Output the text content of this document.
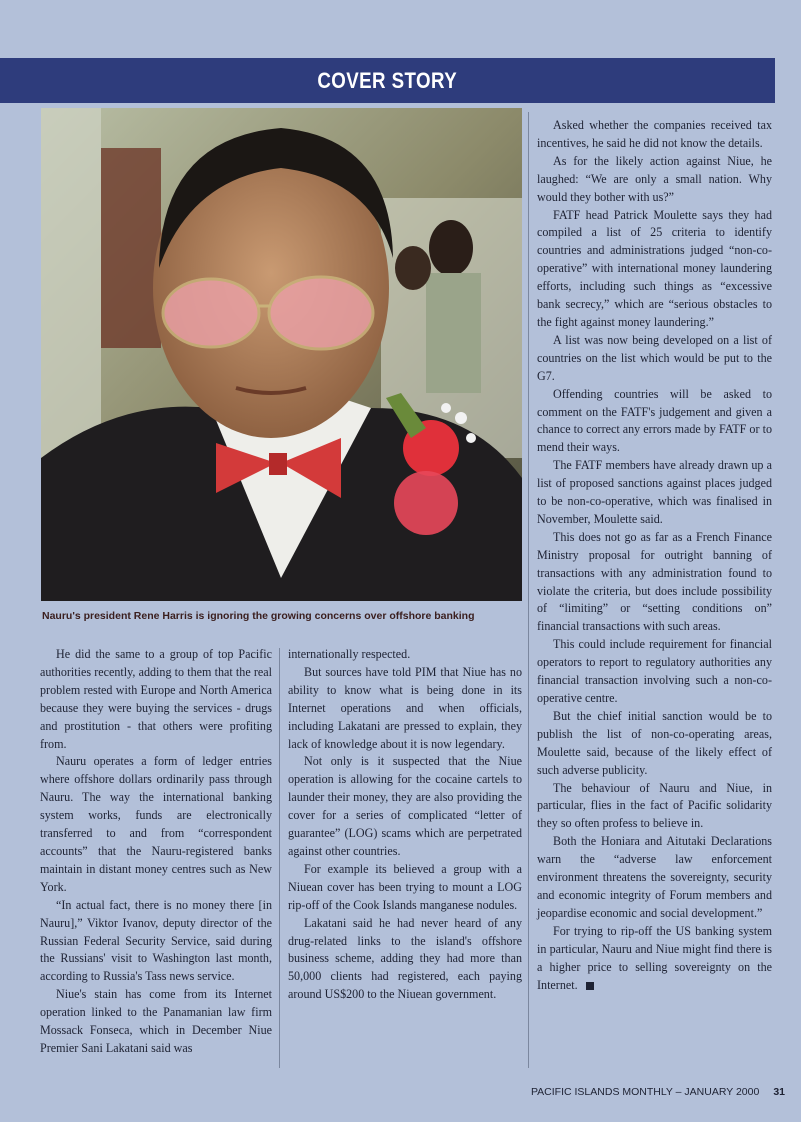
COVER STORY
Nauru's president Rene Harris is ignoring the growing concerns over offshore banking

He did the same to a group of top Pacific authorities recently, adding to them that the real problem rested with Europe and North America because they were buying the services - drugs and prostitution - that others were profiting from.

Nauru operates a form of ledger entries where offshore dollars ordinarily pass through Nauru. The way the international banking system works, funds are electronically transferred to and from “correspondent accounts” that the Nauru-registered banks maintain in distant money centres such as New York.

“In actual fact, there is no money there [in Nauru],” Viktor Ivanov, deputy director of the Russian Federal Security Service, said during the Russians' visit to Washington last month, according to Russia's Tass news service.

Niue's stain has come from its Internet operation linked to the Panamanian law firm Mossack Fonseca, which in December Niue Premier Sani Lakatani said was

internationally respected.

But sources have told PIM that Niue has no ability to know what is being done in its Internet operations and when officials, including Lakatani are pressed to explain, they lack of knowledge about it is now legendary.

Not only is it suspected that the Niue operation is allowing for the cocaine cartels to launder their money, they are also providing the cover for a series of complicated “letter of guarantee” (LOG) scams which are perpetrated against other countries.

For example its believed a group with a Niuean cover has been trying to mount a LOG rip-off of the Cook Islands manganese nodules.

Lakatani said he had never heard of any drug-related links to the island's offshore business scheme, adding they had more than 50,000 clients had registered, each paying around US$200 to the Niuean government.

Asked whether the companies received tax incentives, he said he did not know the details.

As for the likely action against Niue, he laughed: “We are only a small nation. Why would they bother with us?”

FATF head Patrick Moulette says they had compiled a list of 25 criteria to identify countries and administrations judged “non-co-operative” with international money laundering efforts, including such things as “excessive bank secrecy,” which are “serious obstacles to the fight against money laundering.”

A list was now being developed on a list of countries on the list which would be put to the G7.

Offending countries will be asked to comment on the FATF's judgement and given a chance to correct any errors made by FATF or to mend their ways.

The FATF members have already drawn up a list of proposed sanctions against places judged to be non-co-operative, which was finalised in November, Moulette said.

This does not go as far as a French Finance Ministry proposal for outright banning of transactions with any administration found to violate the criteria, but does include possibility of “limiting” or “setting conditions on” financial transactions with such areas.

This could include requirement for financial operators to report to regulatory authorities any financial transaction involving such a non-co-operative centre.

But the chief initial sanction would be to publish the list of non-co-operating areas, Moulette said, because of the likely effect of such adverse publicity.

The behaviour of Nauru and Niue, in particular, flies in the fact of Pacific solidarity they so often profess to believe in.

Both the Honiara and Aitutaki Declarations warn the “adverse law enforcement environment threatens the sovereignty, security and economic integrity of Forum members and jeopardise economic and social development.”

For trying to rip-off the US banking system in particular, Nauru and Niue might find there is a higher price to selling sovereignty on the Internet.

PACIFIC ISLANDS MONTHLY – JANUARY 2000 31
